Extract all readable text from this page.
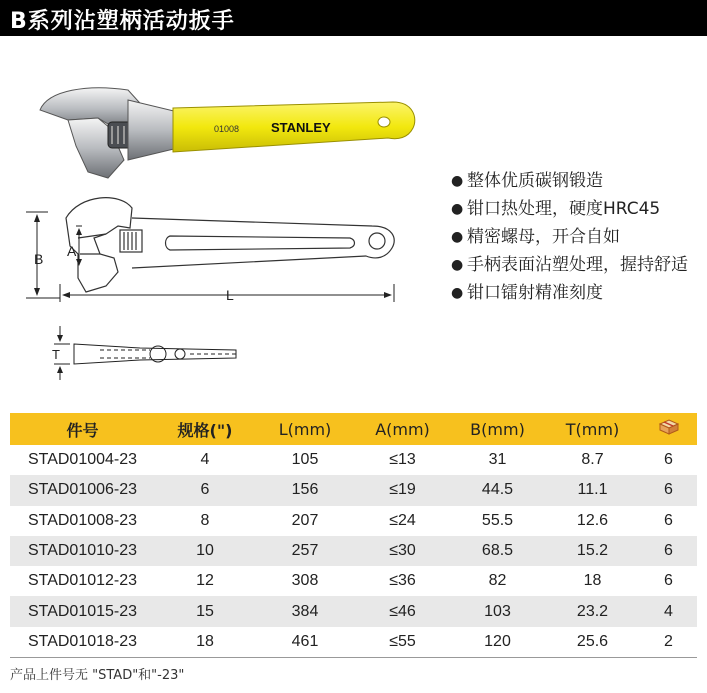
B系列沾塑柄活动扳手
01008 STANLEY
B A
L
T
● 整体优质碳钢锻造
● 钳口热处理，硬度HRC45
● 精密螺母，开合自如
● 手柄表面沾塑处理，握持舒适
● 钳口镭射精准刻度
件号	规格(")	L(mm)	A(mm)	B(mm)	T(mm)	
STAD01004-23	4	105	≤13	31	8.7	6
STAD01006-23	6	156	≤19	44.5	11.1	6
STAD01008-23	8	207	≤24	55.5	12.6	6
STAD01010-23	10	257	≤30	68.5	15.2	6
STAD01012-23	12	308	≤36	82	18	6
STAD01015-23	15	384	≤46	103	23.2	4
STAD01018-23	18	461	≤55	120	25.6	2
产品上件号无 "STAD"和"-23"
